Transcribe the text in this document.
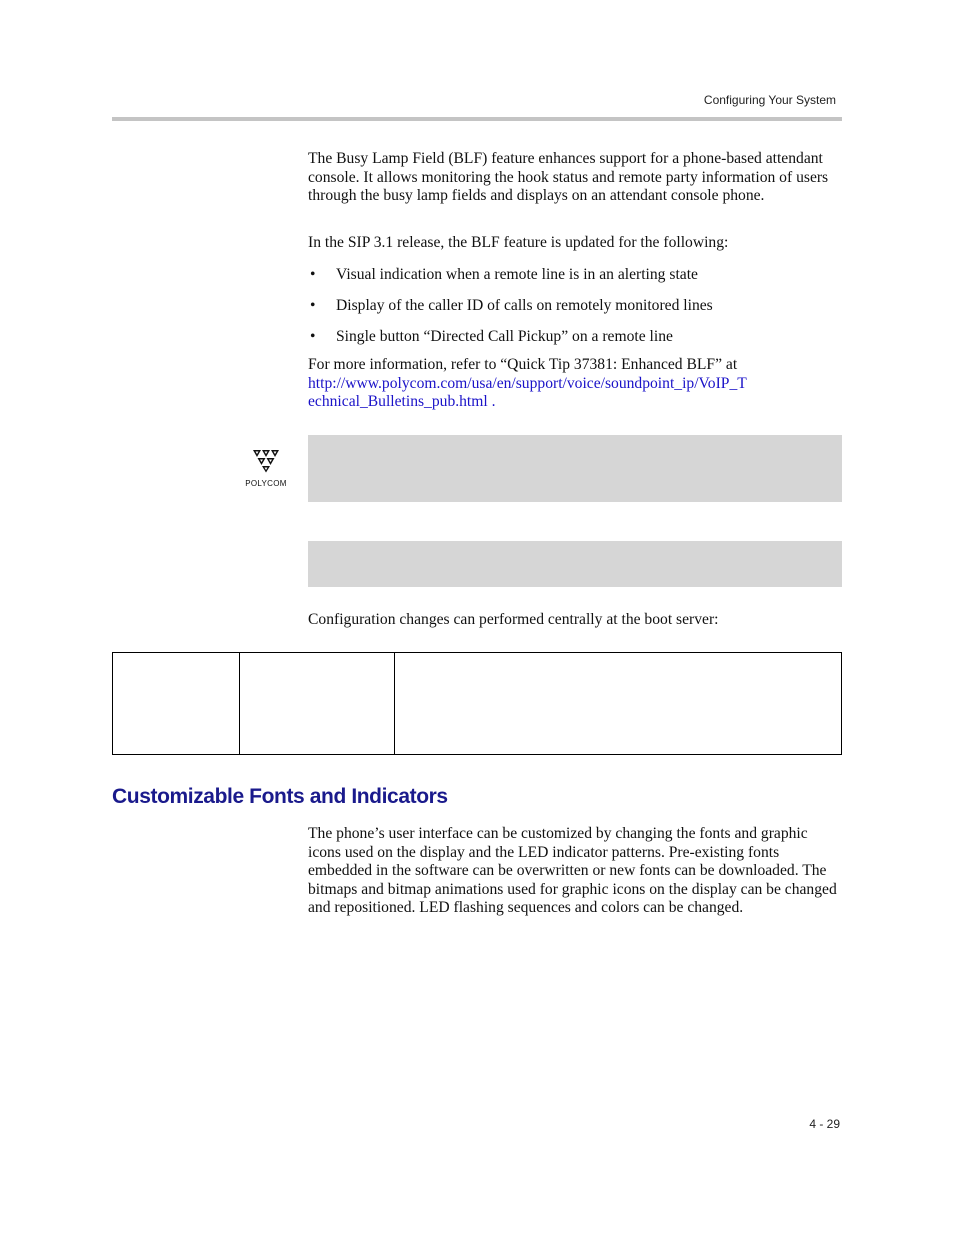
Configuring Your System

The Busy Lamp Field (BLF) feature enhances support for a phone-based attendant console. It allows monitoring the hook status and remote party information of users through the busy lamp fields and displays on an attendant console phone.

In the SIP 3.1 release, the BLF feature is updated for the following:

• Visual indication when a remote line is in an alerting state
• Display of the caller ID of calls on remotely monitored lines
• Single button “Directed Call Pickup” on a remote line

For more information, refer to “Quick Tip 37381: Enhanced BLF” at
http://www.polycom.com/usa/en/support/voice/soundpoint_ip/VoIP_T
echnical_Bulletins_pub.html .

POLYCOM

Configuration changes can performed centrally at the boot server:

Customizable Fonts and Indicators

The phone’s user interface can be customized by changing the fonts and graphic icons used on the display and the LED indicator patterns. Pre-existing fonts embedded in the software can be overwritten or new fonts can be downloaded. The bitmaps and bitmap animations used for graphic icons on the display can be changed and repositioned. LED flashing sequences and colors can be changed.

4 - 29
